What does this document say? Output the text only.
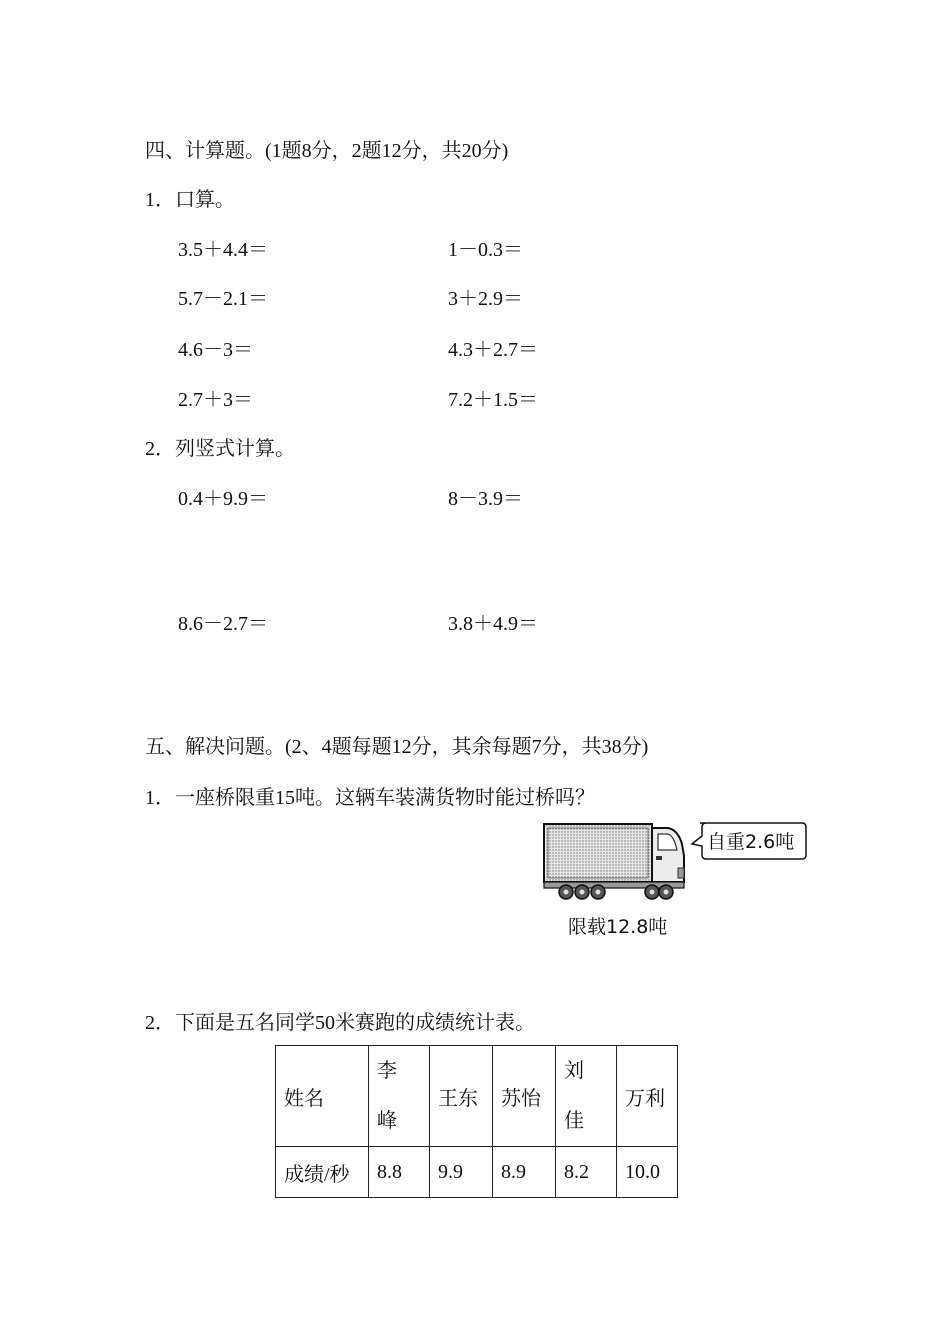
四、计算题。(1题8分，2题12分，共20分)
1．口算。
3.5＋4.4＝	1－0.3＝
5.7－2.1＝	3＋2.9＝
4.6－3＝	4.3＋2.7＝
2.7＋3＝	7.2＋1.5＝
2．列竖式计算。
0.4＋9.9＝	8－3.9＝
8.6－2.7＝	3.8＋4.9＝
五、解决问题。(2、4题每题12分，其余每题7分，共38分)
1．一座桥限重15吨。这辆车装满货物时能过桥吗？
自重2.6吨
限载12.8吨
2．下面是五名同学50米赛跑的成绩统计表。
姓名	李峰	王东	苏怡	刘佳	万利
成绩/秒	8.8	9.9	8.9	8.2	10.0
